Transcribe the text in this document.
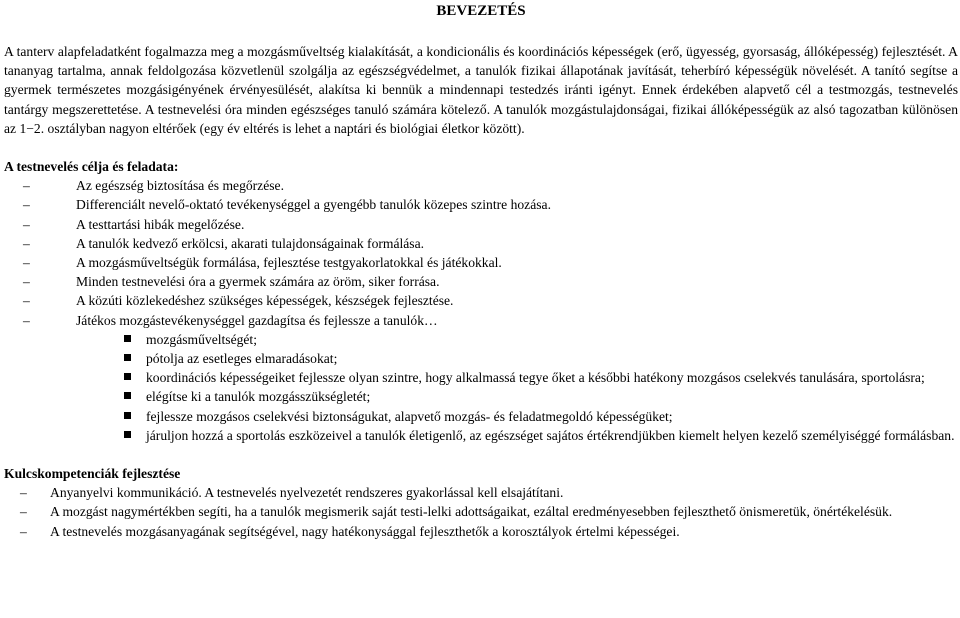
BEVEZETÉS

A tanterv alapfeladatként fogalmazza meg a mozgásműveltség kialakítását, a kondicionális és koordinációs képességek (erő, ügyesség, gyorsaság, állóképesség) fejlesztését. A tananyag tartalma, annak feldolgozása közvetlenül szolgálja az egészségvédelmet, a tanulók fizikai állapotának javítását, teherbíró képességük növelését. A tanító segítse a gyermek természetes mozgásigényének érvényesülését, alakítsa ki bennük a mindennapi testedzés iránti igényt. Ennek érdekében alapvető cél a testmozgás, testnevelés tantárgy megszerettetése. A testnevelési óra minden egészséges tanuló számára kötelező. A tanulók mozgástulajdonságai, fizikai állóképességük az alsó tagozatban különösen az 1−2. osztályban nagyon eltérőek (egy év eltérés is lehet a naptári és biológiai életkor között).

A testnevelés célja és feladata:

–	Az egészség biztosítása és megőrzése.
–	Differenciált nevelő-oktató tevékenységgel a gyengébb tanulók közepes szintre hozása.
–	A testtartási hibák megelőzése.
–	A tanulók kedvező erkölcsi, akarati tulajdonságainak formálása.
–	A mozgásműveltségük formálása, fejlesztése testgyakorlatokkal és játékokkal.
–	Minden testnevelési óra a gyermek számára az öröm, siker forrása.
–	A közúti közlekedéshez szükséges képességek, készségek fejlesztése.
–	Játékos mozgástevékenységgel gazdagítsa és fejlessze a tanulók…
mozgásműveltségét;
pótolja az esetleges elmaradásokat;
koordinációs képességeiket fejlessze olyan szintre, hogy alkalmassá tegye őket a későbbi hatékony mozgásos cselekvés tanulására, sportolásra;
elégítse ki a tanulók mozgásszükségletét;
fejlessze mozgásos cselekvési biztonságukat, alapvető mozgás- és feladatmegoldó képességüket;
járuljon hozzá a sportolás eszközeivel a tanulók életigenlő, az egészséget sajátos értékrendjükben kiemelt helyen kezelő személyiséggé formálásban.

Kulcskompetenciák fejlesztése

–	Anyanyelvi kommunikáció. A testnevelés nyelvezetét rendszeres gyakorlással kell elsajátítani.
–	A mozgást nagymértékben segíti, ha a tanulók megismerik saját testi-lelki adottságaikat, ezáltal eredményesebben fejleszthető önismeretük, önértékelésük.
–	A testnevelés mozgásanyagának segítségével, nagy hatékonysággal fejleszthetők a korosztályok értelmi képességei.
